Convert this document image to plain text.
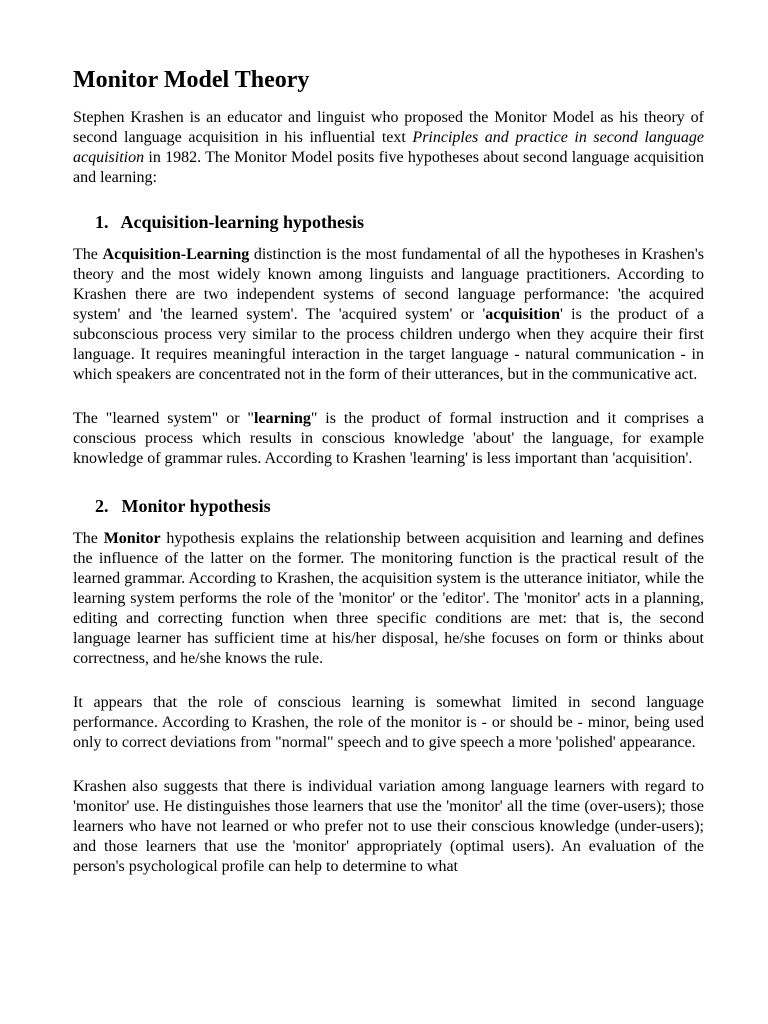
Monitor Model Theory

Stephen Krashen is an educator and linguist who proposed the Monitor Model as his theory of second language acquisition in his influential text Principles and practice in second language acquisition in 1982. The Monitor Model posits five hypotheses about second language acquisition and learning:

1. Acquisition-learning hypothesis

The Acquisition-Learning distinction is the most fundamental of all the hypotheses in Krashen's theory and the most widely known among linguists and language practitioners. According to Krashen there are two independent systems of second language performance: 'the acquired system' and 'the learned system'. The 'acquired system' or 'acquisition' is the product of a subconscious process very similar to the process children undergo when they acquire their first language. It requires meaningful interaction in the target language - natural communication - in which speakers are concentrated not in the form of their utterances, but in the communicative act.

The "learned system" or "learning" is the product of formal instruction and it comprises a conscious process which results in conscious knowledge 'about' the language, for example knowledge of grammar rules. According to Krashen 'learning' is less important than 'acquisition'.

2. Monitor hypothesis

The Monitor hypothesis explains the relationship between acquisition and learning and defines the influence of the latter on the former. The monitoring function is the practical result of the learned grammar. According to Krashen, the acquisition system is the utterance initiator, while the learning system performs the role of the 'monitor' or the 'editor'. The 'monitor' acts in a planning, editing and correcting function when three specific conditions are met: that is, the second language learner has sufficient time at his/her disposal, he/she focuses on form or thinks about correctness, and he/she knows the rule.

It appears that the role of conscious learning is somewhat limited in second language performance. According to Krashen, the role of the monitor is - or should be - minor, being used only to correct deviations from "normal" speech and to give speech a more 'polished' appearance.

Krashen also suggests that there is individual variation among language learners with regard to 'monitor' use. He distinguishes those learners that use the 'monitor' all the time (over-users); those learners who have not learned or who prefer not to use their conscious knowledge (under-users); and those learners that use the 'monitor' appropriately (optimal users). An evaluation of the person's psychological profile can help to determine to what
